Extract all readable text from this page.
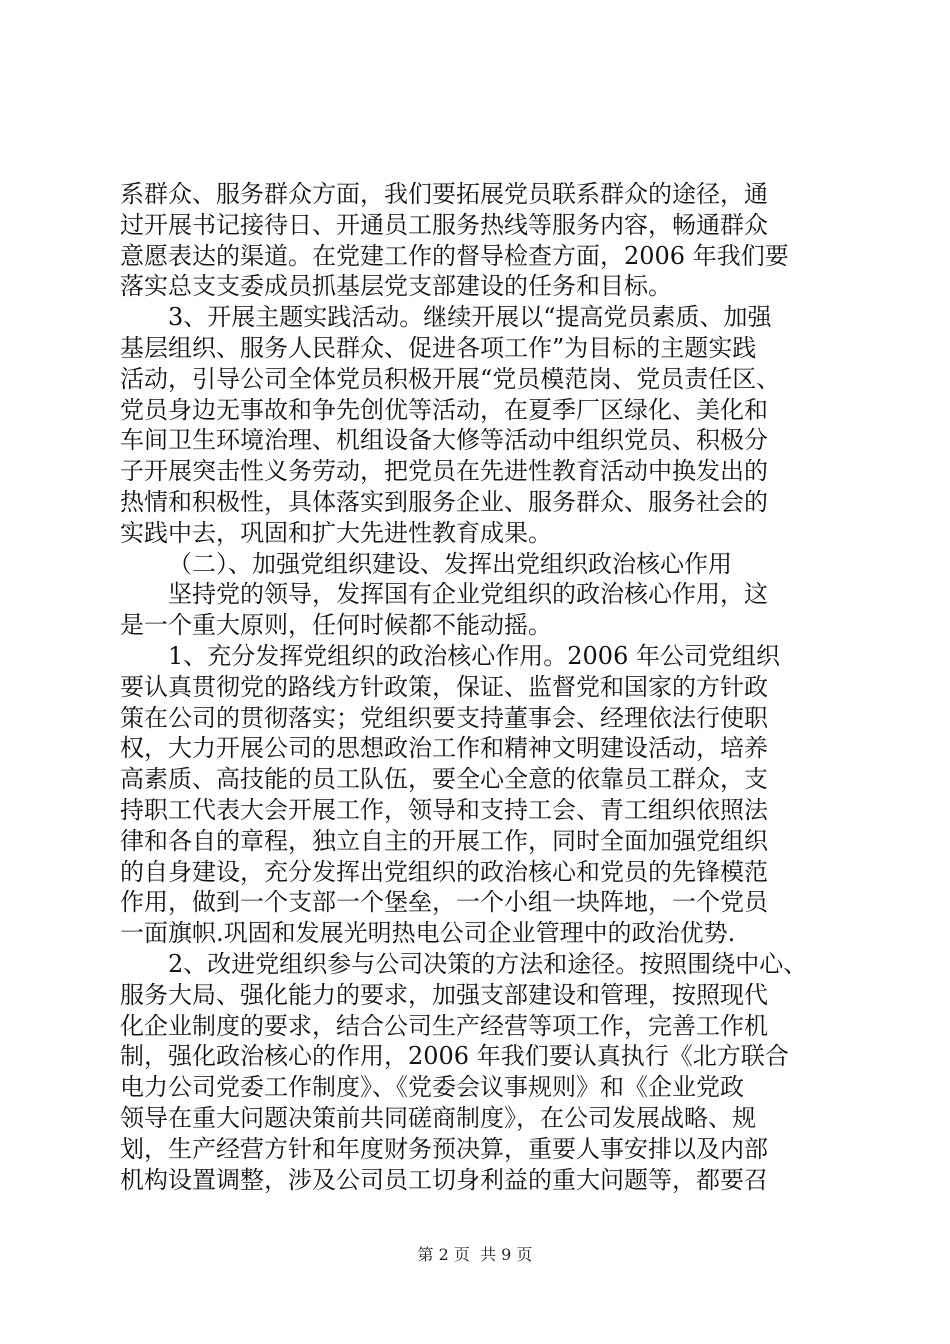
系群众、服务群众方面，我们要拓展党员联系群众的途径，通
过开展书记接待日、开通员工服务热线等服务内容，畅通群众
意愿表达的渠道。在党建工作的督导检查方面，2006 年我们要
落实总支支委成员抓基层党支部建设的任务和目标。
3、开展主题实践活动。继续开展以“提高党员素质、加强
基层组织、服务人民群众、促进各项工作”为目标的主题实践
活动，引导公司全体党员积极开展“党员模范岗、党员责任区、
党员身边无事故和争先创优等活动，在夏季厂区绿化、美化和
车间卫生环境治理、机组设备大修等活动中组织党员、积极分
子开展突击性义务劳动，把党员在先进性教育活动中换发出的
热情和积极性，具体落实到服务企业、服务群众、服务社会的
实践中去，巩固和扩大先进性教育成果。
（二）、加强党组织建设、发挥出党组织政治核心作用
坚持党的领导，发挥国有企业党组织的政治核心作用，这
是一个重大原则，任何时候都不能动摇。
1、充分发挥党组织的政治核心作用。2006 年公司党组织
要认真贯彻党的路线方针政策，保证、监督党和国家的方针政
策在公司的贯彻落实；党组织要支持董事会、经理依法行使职
权，大力开展公司的思想政治工作和精神文明建设活动，培养
高素质、高技能的员工队伍，要全心全意的依靠员工群众，支
持职工代表大会开展工作，领导和支持工会、青工组织依照法
律和各自的章程，独立自主的开展工作，同时全面加强党组织
的自身建设，充分发挥出党组织的政治核心和党员的先锋模范
作用，做到一个支部一个堡垒，一个小组一块阵地，一个党员
一面旗帜.巩固和发展光明热电公司企业管理中的政治优势.
2、改进党组织参与公司决策的方法和途径。按照围绕中心、
服务大局、强化能力的要求，加强支部建设和管理，按照现代
化企业制度的要求，结合公司生产经营等项工作，完善工作机
制，强化政治核心的作用，2006 年我们要认真执行《北方联合
电力公司党委工作制度》、《党委会议事规则》和《企业党政
领导在重大问题决策前共同磋商制度》，在公司发展战略、规
划，生产经营方针和年度财务预决算，重要人事安排以及内部
机构设置调整，涉及公司员工切身利益的重大问题等，都要召
第 2 页  共 9 页
